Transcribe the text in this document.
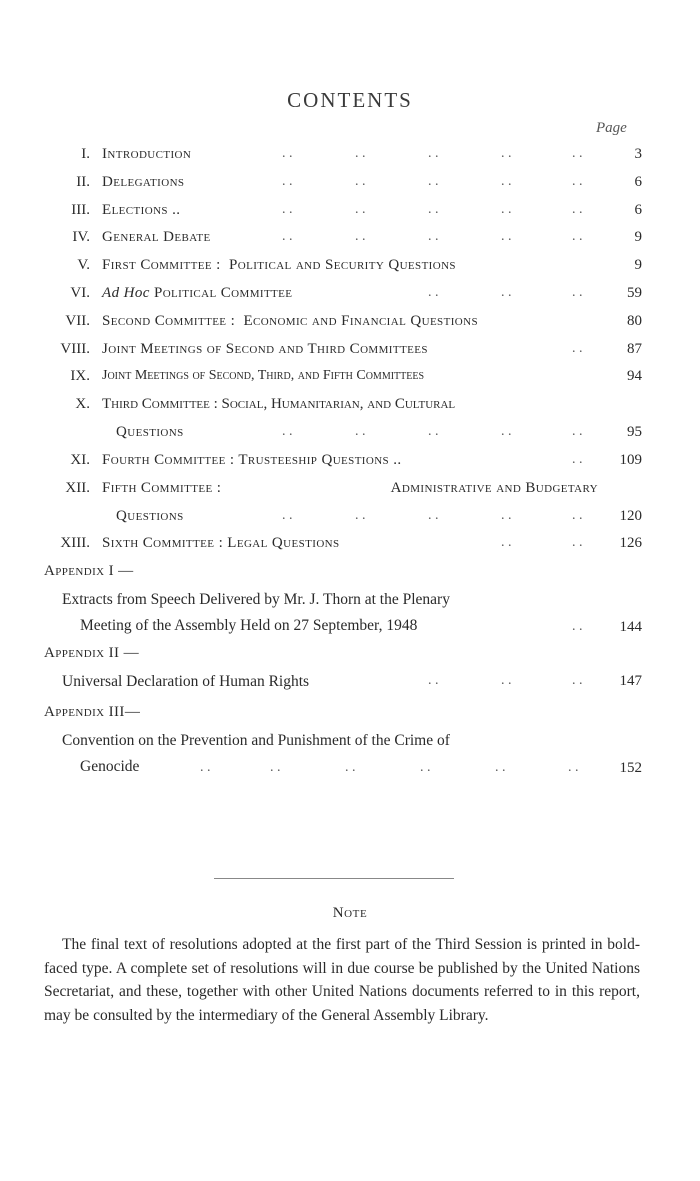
CONTENTS
Page
I. Introduction	. .	. .	. .	. .	. .	3
II. Delegations	. .	. .	. .	. .	. .	6
III. Elections ..	. .	. .	. .	. .	. .	6
IV. General Debate	. .	. .	. .	. .	. .	9
V. First Committee : Political and Security Questions	9
VI. Ad Hoc Political Committee	. .	. .	. .	59
VII. Second Committee : Economic and Financial Questions	80
VIII. Joint Meetings of Second and Third Committees	. .	87
IX. Joint Meetings of Second, Third, and Fifth Committees	94
X. Third Committee : Social, Humanitarian, and Cultural
Questions	. .	. .	. .	. .	. .	95
XI. Fourth Committee : Trusteeship Questions ..	. . 109
XII. Fifth Committee :	Administrative and Budgetary
Questions	. .	. .	. .	. .	. . 120
XIII. Sixth Committee : Legal Questions	. .	. . 126
Appendix I —
Extracts from Speech Delivered by Mr. J. Thorn at the Plenary
Meeting of the Assembly Held on 27 September, 1948	. . 144
Appendix II —
Universal Declaration of Human Rights	. .	. .	. . 147
Appendix III—
Convention on the Prevention and Punishment of the Crime of
Genocide	. .	. .	. .	. .	. .	. .	152
Note
The final text of resolutions adopted at the first part of the Third Session is printed in bold-faced type. A complete set of resolutions will in due course be published by the United Nations Secretariat, and these, together with other United Nations documents referred to in this report, may be consulted by the intermediary of the General Assembly Library.
